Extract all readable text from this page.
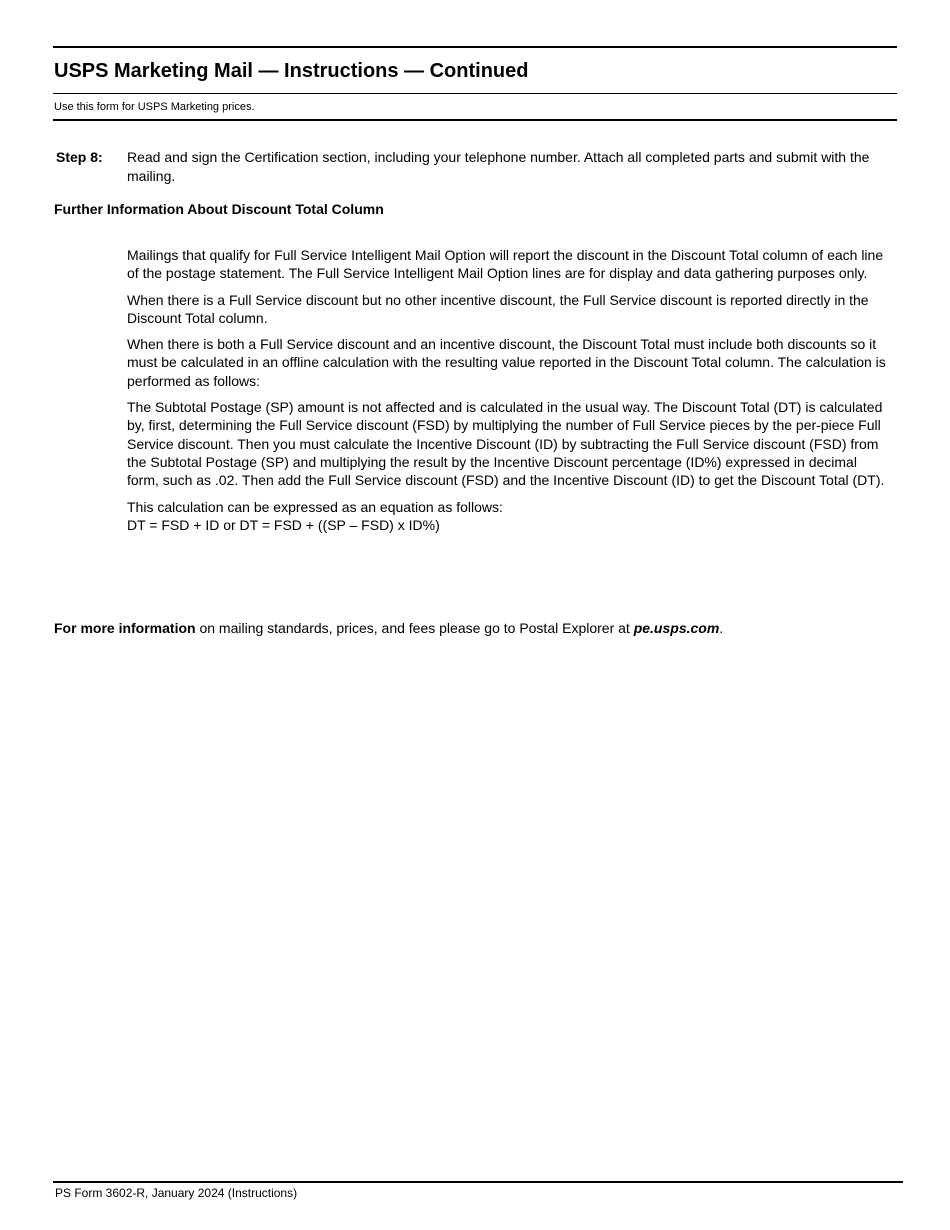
USPS Marketing Mail — Instructions — Continued
Use this form for USPS Marketing prices.
Step 8: Read and sign the Certification section, including your telephone number. Attach all completed parts and submit with the mailing.
Further Information About Discount Total Column

Mailings that qualify for Full Service Intelligent Mail Option will report the discount in the Discount Total column of each line of the postage statement. The Full Service Intelligent Mail Option lines are for display and data gathering purposes only.

When there is a Full Service discount but no other incentive discount, the Full Service discount is reported directly in the Discount Total column.

When there is both a Full Service discount and an incentive discount, the Discount Total must include both discounts so it must be calculated in an offline calculation with the resulting value reported in the Discount Total column. The calculation is performed as follows:

The Subtotal Postage (SP) amount is not affected and is calculated in the usual way. The Discount Total (DT) is calculated by, first, determining the Full Service discount (FSD) by multiplying the number of Full Service pieces by the per-piece Full Service discount. Then you must calculate the Incentive Discount (ID) by subtracting the Full Service discount (FSD) from the Subtotal Postage (SP) and multiplying the result by the Incentive Discount percentage (ID%) expressed in decimal form, such as .02. Then add the Full Service discount (FSD) and the Incentive Discount (ID) to get the Discount Total (DT).

This calculation can be expressed as an equation as follows:
DT = FSD + ID or DT = FSD + ((SP – FSD) x ID%)

For more information on mailing standards, prices, and fees please go to Postal Explorer at pe.usps.com.
PS Form 3602-R, January 2024 (Instructions)
